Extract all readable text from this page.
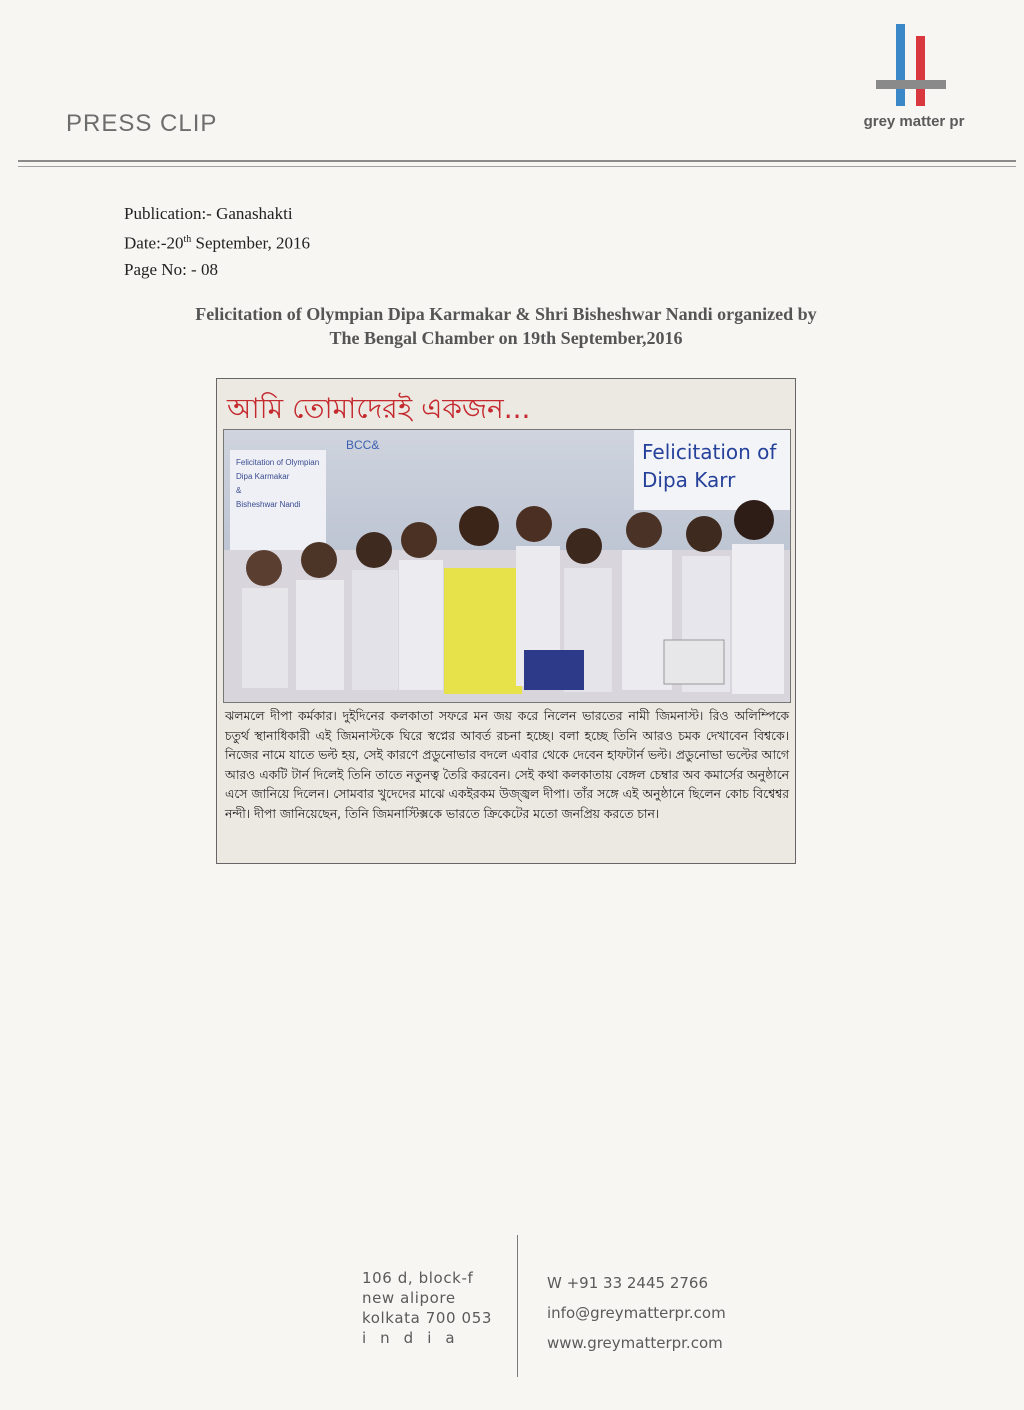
PRESS CLIP	grey matter pr
Publication:- Ganashakti
Date:-20th September, 2016
Page No: - 08
Felicitation of Olympian Dipa Karmakar & Shri Bisheshwar Nandi organized by
The Bengal Chamber on 19th September,2016
আমি তোমাদেরই একজন...
Felicitation of Olympian
Dipa Karmakar
&
Bisheshwar Nandi
BCC&	Felicitation of
Dipa Karr
ঝলমলে দীপা কর্মকার। দুইদিনের কলকাতা সফরে মন জয় করে নিলেন ভারতের নামী জিমনাস্ট। রিও অলিম্পিকে চতুর্থ স্থানাধিকারী এই জিমনাস্টকে ঘিরে স্বপ্নের আবর্ত রচনা হচ্ছে। বলা হচ্ছে তিনি আরও চমক দেখাবেন বিশ্বকে। নিজের নামে যাতে ভল্ট হয়, সেই কারণে প্রডুনোভার বদলে এবার থেকে দেবেন হাফটার্ন ভল্ট। প্রডুনোভা ভল্টের আগে আরও একটি টার্ন দিলেই তিনি তাতে নতুনত্ব তৈরি করবেন। সেই কথা কলকাতায় বেঙ্গল চেম্বার অব কমার্সের অনুষ্ঠানে এসে জানিয়ে দিলেন। সোমবার খুদেদের মাঝে একইরকম উজ্জ্বল দীপা। তাঁর সঙ্গে এই অনুষ্ঠানে ছিলেন কোচ বিশ্বেশ্বর নন্দী। দীপা জানিয়েছেন, তিনি জিমনাস্টিক্সকে ভারতে ক্রিকেটের মতো জনপ্রিয় করতে চান।
106 d, block-f
new alipore
kolkata 700 053
india
W +91 33 2445 2766
info@greymatterpr.com
www.greymatterpr.com
